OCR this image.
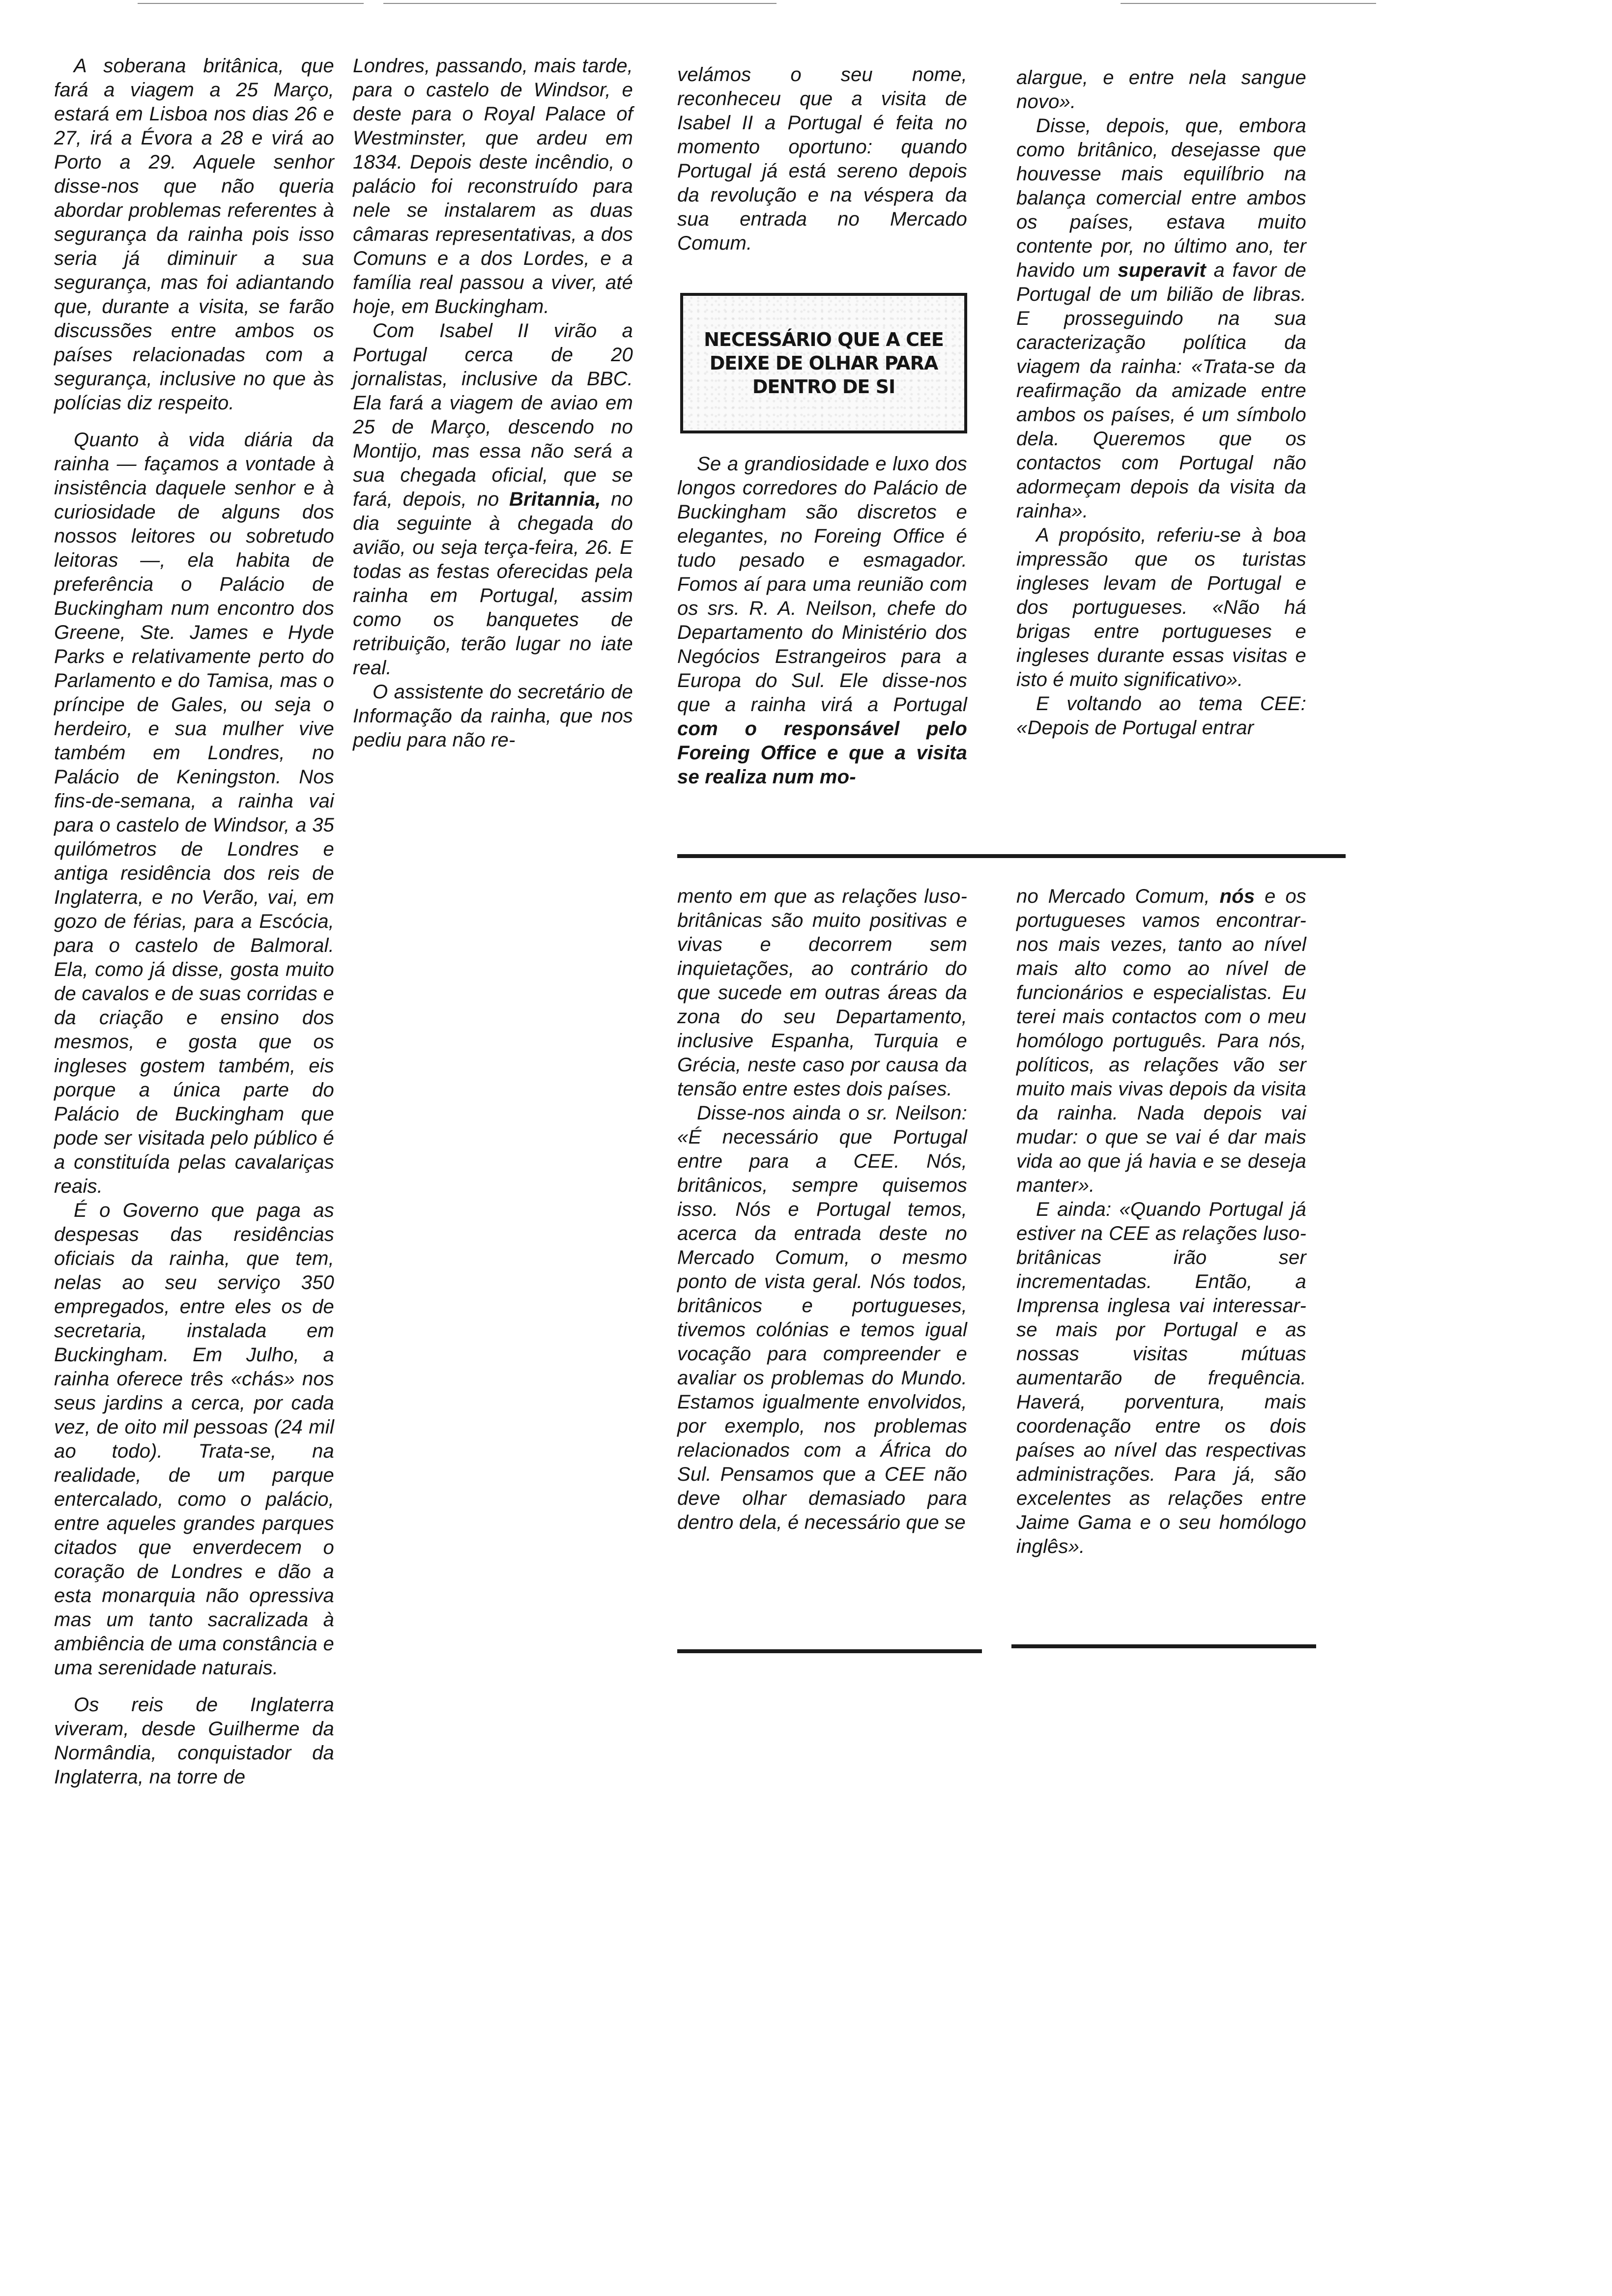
A soberana britânica, que fará a viagem a 25 Março, estará em Lisboa nos dias 26 e 27, irá a Évora a 28 e virá ao Porto a 29. Aquele senhor disse-nos que não queria abordar problemas referentes à segurança da rainha pois isso seria já diminuir a sua segurança, mas foi adiantando que, durante a visita, se farão discussões entre ambos os países relacionadas com a segurança, inclusive no que às polícias diz respeito.

Quanto à vida diária da rainha — façamos a vontade à insistência daquele senhor e à curiosidade de alguns dos nossos leitores ou sobretudo leitoras —, ela habita de preferência o Palácio de Buckingham num encontro dos Greene, Ste. James e Hyde Parks e relativamente perto do Parlamento e do Tamisa, mas o príncipe de Gales, ou seja o herdeiro, e sua mulher vive também em Londres, no Palácio de Keningston. Nos fins-de-semana, a rainha vai para o castelo de Windsor, a 35 quilómetros de Londres e antiga residência dos reis de Inglaterra, e no Verão, vai, em gozo de férias, para a Escócia, para o castelo de Balmoral. Ela, como já disse, gosta muito de cavalos e de suas corridas e da criação e ensino dos mesmos, e gosta que os ingleses gostem também, eis porque a única parte do Palácio de Buckingham que pode ser visitada pelo público é a constituída pelas cavalariças reais.

É o Governo que paga as despesas das residências oficiais da rainha, que tem, nelas ao seu serviço 350 empregados, entre eles os de secretaria, instalada em Buckingham. Em Julho, a rainha oferece três «chás» nos seus jardins a cerca, por cada vez, de oito mil pessoas (24 mil ao todo). Trata-se, na realidade, de um parque entercalado, como o palácio, entre aqueles grandes parques citados que enverdecem o coração de Londres e dão a esta monarquia não opressiva mas um tanto sacralizada à ambiência de uma constância e uma serenidade naturais.

Os reis de Inglaterra viveram, desde Guilherme da Normândia, conquistador da Inglaterra, na torre de

Londres, passando, mais tarde, para o castelo de Windsor, e deste para o Royal Palace of Westminster, que ardeu em 1834. Depois deste incêndio, o palácio foi reconstruído para nele se instalarem as duas câmaras representativas, a dos Comuns e a dos Lordes, e a família real passou a viver, até hoje, em Buckingham.

Com Isabel II virão a Portugal cerca de 20 jornalistas, inclusive da BBC. Ela fará a viagem de aviao em 25 de Março, descendo no Montijo, mas essa não será a sua chegada oficial, que se fará, depois, no Britannia, no dia seguinte à chegada do avião, ou seja terça-feira, 26. E todas as festas oferecidas pela rainha em Portugal, assim como os banquetes de retribuição, terão lugar no iate real.

O assistente do secretário de Informação da rainha, que nos pediu para não re-

velámos o seu nome, reconheceu que a visita de Isabel II a Portugal é feita no momento oportuno: quando Portugal já está sereno depois da revolução e na véspera da sua entrada no Mercado Comum.

NECESSÁRIO QUE A CEE DEIXE DE OLHAR PARA DENTRO DE SI

Se a grandiosidade e luxo dos longos corredores do Palácio de Buckingham são discretos e elegantes, no Foreing Office é tudo pesado e esmagador. Fomos aí para uma reunião com os srs. R. A. Neilson, chefe do Departamento do Ministério dos Negócios Estrangeiros para a Europa do Sul. Ele disse-nos que a rainha virá a Portugal com o responsável pelo Foreing Office e que a visita se realiza num mo-

mento em que as relações luso-britânicas são muito positivas e vivas e decorrem sem inquietações, ao contrário do que sucede em outras áreas da zona do seu Departamento, inclusive Espanha, Turquia e Grécia, neste caso por causa da tensão entre estes dois países.

Disse-nos ainda o sr. Neilson: «É necessário que Portugal entre para a CEE. Nós, britânicos, sempre quisemos isso. Nós e Portugal temos, acerca da entrada deste no Mercado Comum, o mesmo ponto de vista geral. Nós todos, britânicos e portugueses, tivemos colónias e temos igual vocação para compreender e avaliar os problemas do Mundo. Estamos igualmente envolvidos, por exemplo, nos problemas relacionados com a África do Sul. Pensamos que a CEE não deve olhar demasiado para dentro dela, é necessário que se

alargue, e entre nela sangue novo».

Disse, depois, que, embora como britânico, desejasse que houvesse mais equilíbrio na balança comercial entre ambos os países, estava muito contente por, no último ano, ter havido um superavit a favor de Portugal de um bilião de libras. E prosseguindo na sua caracterização política da viagem da rainha: «Trata-se da reafirmação da amizade entre ambos os países, é um símbolo dela. Queremos que os contactos com Portugal não adormeçam depois da visita da rainha».

A propósito, referiu-se à boa impressão que os turistas ingleses levam de Portugal e dos portugueses. «Não há brigas entre portugueses e ingleses durante essas visitas e isto é muito significativo».

E voltando ao tema CEE: «Depois de Portugal entrar

no Mercado Comum, nós e os portugueses vamos encontrar-nos mais vezes, tanto ao nível mais alto como ao nível de funcionários e especialistas. Eu terei mais contactos com o meu homólogo português. Para nós, políticos, as relações vão ser muito mais vivas depois da visita da rainha. Nada depois vai mudar: o que se vai é dar mais vida ao que já havia e se deseja manter».

E ainda: «Quando Portugal já estiver na CEE as relações luso-britânicas irão ser incrementadas. Então, a Imprensa inglesa vai interessar-se mais por Portugal e as nossas visitas mútuas aumentarão de frequência. Haverá, porventura, mais coordenação entre os dois países ao nível das respectivas administrações. Para já, são excelentes as relações entre Jaime Gama e o seu homólogo inglês».
